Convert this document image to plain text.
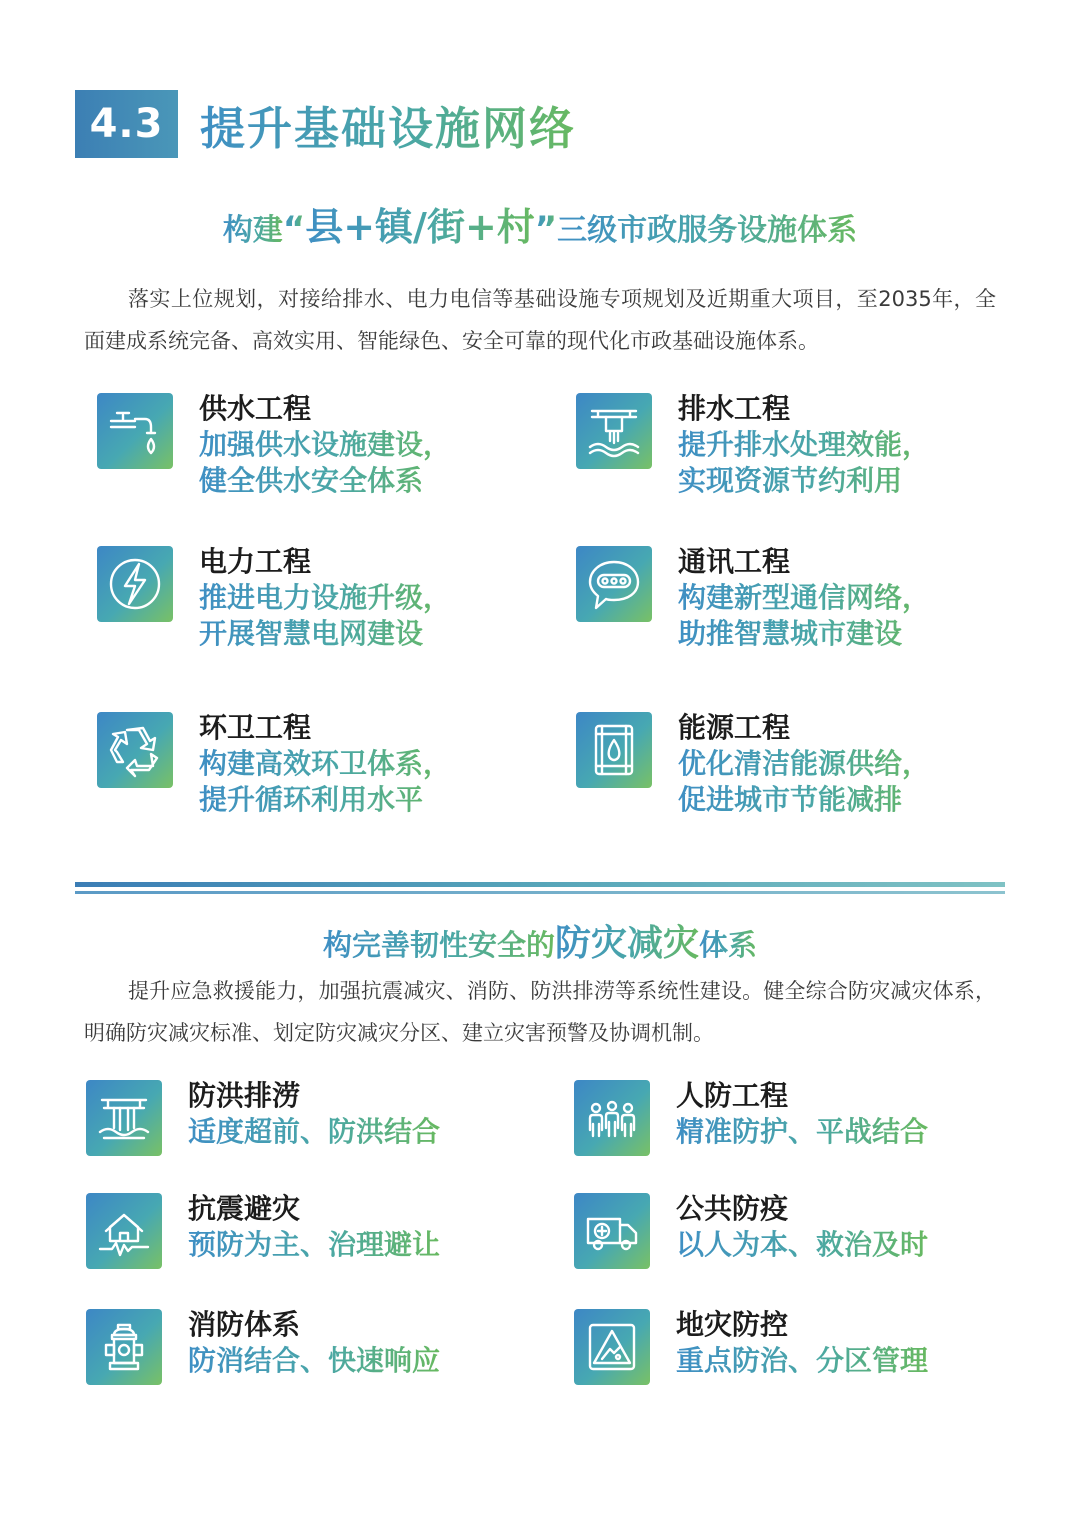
4.3 提升基础设施网络
构建“县+镇/街+村”三级市政服务设施体系
落实上位规划，对接给排水、电力电信等基础设施专项规划及近期重大项目，至2035年，全面建成系统完备、高效实用、智能绿色、安全可靠的现代化市政基础设施体系。
供水工程
加强供水设施建设，
健全供水安全体系
排水工程
提升排水处理效能，
实现资源节约利用
电力工程
推进电力设施升级，
开展智慧电网建设
通讯工程
构建新型通信网络，
助推智慧城市建设
环卫工程
构建高效环卫体系，
提升循环利用水平
能源工程
优化清洁能源供给，
促进城市节能减排
构完善韧性安全的防灾减灾体系
提升应急救援能力，加强抗震减灾、消防、防洪排涝等系统性建设。健全综合防灾减灾体系，明确防灾减灾标准、划定防灾减灾分区、建立灾害预警及协调机制。
防洪排涝
适度超前、防洪结合
人防工程
精准防护、平战结合
抗震避灾
预防为主、治理避让
公共防疫
以人为本、救治及时
消防体系
防消结合、快速响应
地灾防控
重点防治、分区管理
